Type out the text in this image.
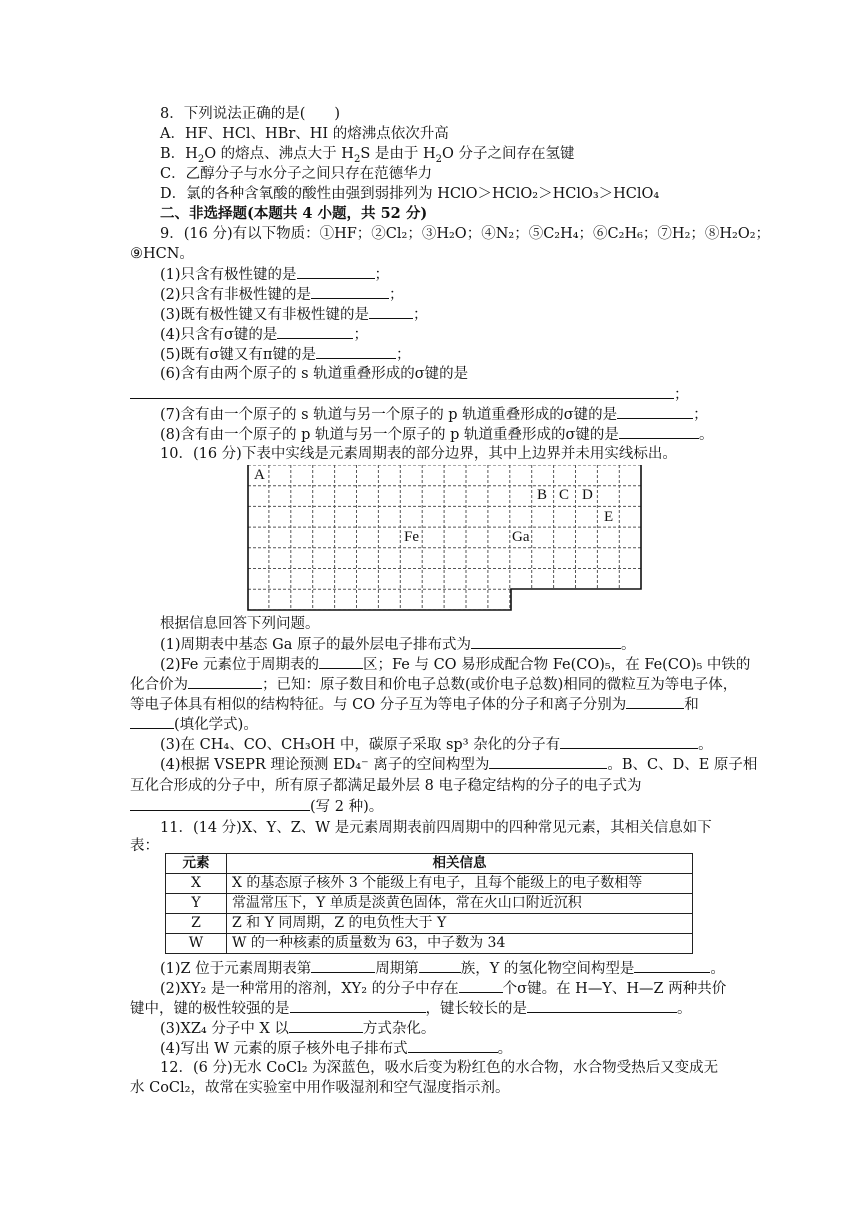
8．下列说法正确的是(　　)
A．HF、HCl、HBr、HI 的熔沸点依次升高
B．$H_2O$ 的熔点、沸点大于 $H_2S$ 是由于 $H_2O$ 分子之间存在氢键
C．乙醇分子与水分子之间只存在范德华力
D．氯的各种含氧酸的酸性由强到弱排列为 HClO＞HClO₂＞HClO₃＞HClO₄
二、非选择题(本题共 4 小题，共 52 分)
9．(16 分)有以下物质：①HF；②Cl₂；③H₂O；④N₂；⑤C₂H₄；⑥C₂H₆；⑦H₂；⑧H₂O₂；
⑨HCN。
(1)只含有极性键的是	；
(2)只含有非极性键的是	；
(3)既有极性键又有非极性键的是	；
(4)只含有σ键的是	；
(5)既有σ键又有π键的是	；
(6)含有由两个原子的 s 轨道重叠形成的σ键的是
；
(7)含有由一个原子的 s 轨道与另一个原子的 p 轨道重叠形成的σ键的是	；
(8)含有由一个原子的 p 轨道与另一个原子的 p 轨道重叠形成的σ键的是	。
10．(16 分)下表中实线是元素周期表的部分边界，其中上边界并未用实线标出。
A
B C D
E
Fe	Ga
根据信息回答下列问题。
(1)周期表中基态 Ga 原子的最外层电子排布式为	。
(2)Fe 元素位于周期表的	区；Fe 与 CO 易形成配合物 Fe(CO)₅，在 Fe(CO)₅ 中铁的
化合价为	；已知：原子数目和价电子总数(或价电子总数)相同的微粒互为等电子体，
等电子体具有相似的结构特征。与 CO 分子互为等电子体的分子和离子分别为	和
(填化学式)。
(3)在 CH₄、CO、CH₃OH 中，碳原子采取 sp³ 杂化的分子有	。
(4)根据 VSEPR 理论预测 ED₄⁻ 离子的空间构型为	。B、C、D、E 原子相
互化合形成的分子中，所有原子都满足最外层 8 电子稳定结构的分子的电子式为
(写 2 种)。
11．(14 分)X、Y、Z、W 是元素周期表前四周期中的四种常见元素，其相关信息如下
表：
元素	相关信息
X	X 的基态原子核外 3 个能级上有电子，且每个能级上的电子数相等
Y	常温常压下，Y 单质是淡黄色固体，常在火山口附近沉积
Z	Z 和 Y 同周期，Z 的电负性大于 Y
W	W 的一种核素的质量数为 63，中子数为 34
(1)Z 位于元素周期表第	周期第	族，Y 的氢化物空间构型是	。
(2)XY₂ 是一种常用的溶剂，XY₂ 的分子中存在	个σ键。在 H—Y、H—Z 两种共价
键中，键的极性较强的是	，键长较长的是	。
(3)XZ₄ 分子中 X 以	方式杂化。
(4)写出 W 元素的原子核外电子排布式	。
12．(6 分)无水 CoCl₂ 为深蓝色，吸水后变为粉红色的水合物，水合物受热后又变成无
水 CoCl₂，故常在实验室中用作吸湿剂和空气湿度指示剂。
